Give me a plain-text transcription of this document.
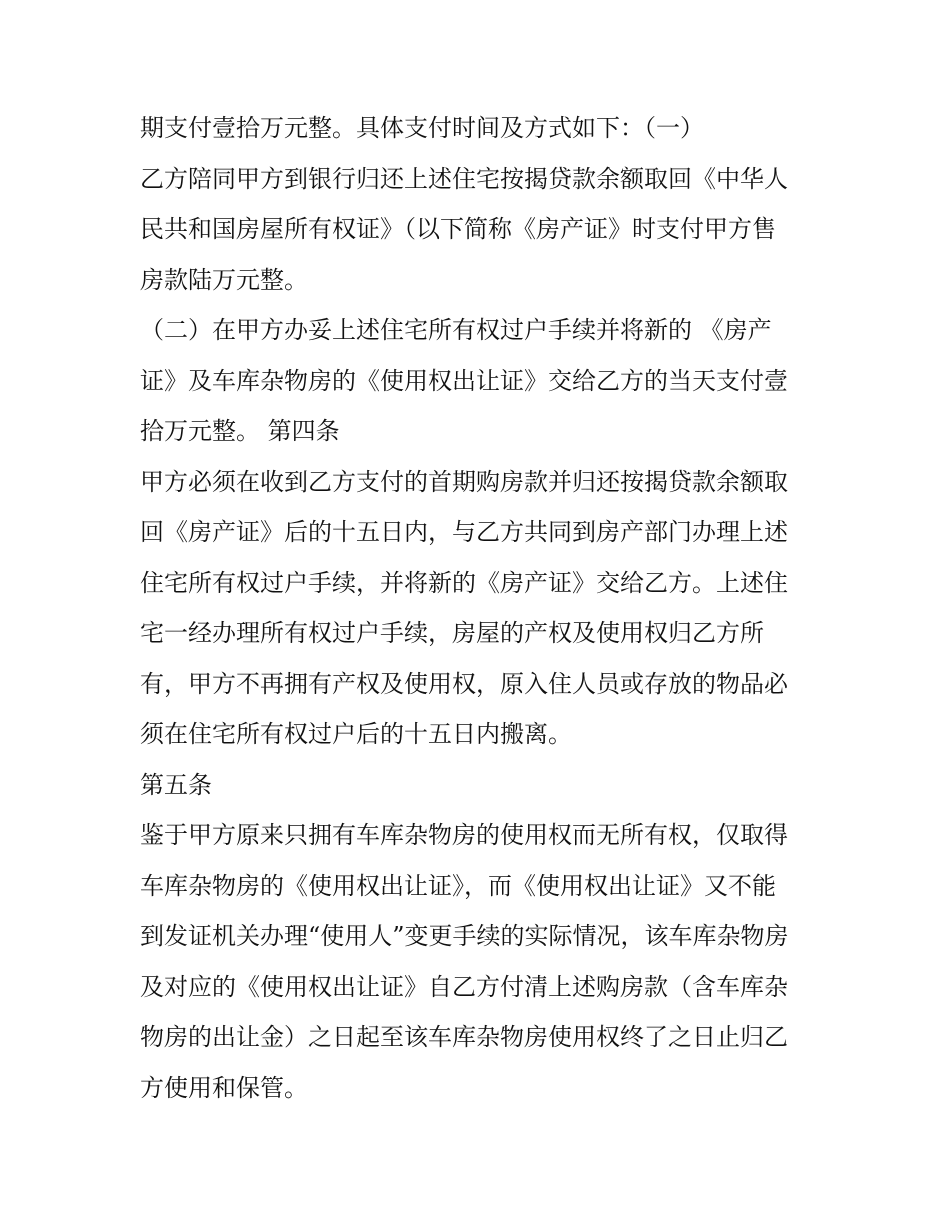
期支付壹拾万元整。具体支付时间及方式如下：（一）
乙方陪同甲方到银行归还上述住宅按揭贷款余额取回《中华人
民共和国房屋所有权证》（以下简称《房产证》时支付甲方售
房款陆万元整。
（二）在甲方办妥上述住宅所有权过户手续并将新的 《房产
证》及车库杂物房的《使用权出让证》交给乙方的当天支付壹
拾万元整。 第四条
甲方必须在收到乙方支付的首期购房款并归还按揭贷款余额取
回《房产证》后的十五日内，与乙方共同到房产部门办理上述
住宅所有权过户手续，并将新的《房产证》交给乙方。上述住
宅一经办理所有权过户手续，房屋的产权及使用权归乙方所
有，甲方不再拥有产权及使用权，原入住人员或存放的物品必
须在住宅所有权过户后的十五日内搬离。
第五条
鉴于甲方原来只拥有车库杂物房的使用权而无所有权，仅取得
车库杂物房的《使用权出让证》，而《使用权出让证》又不能
到发证机关办理“使用人”变更手续的实际情况，该车库杂物房
及对应的《使用权出让证》自乙方付清上述购房款（含车库杂
物房的出让金）之日起至该车库杂物房使用权终了之日止归乙
方使用和保管。
